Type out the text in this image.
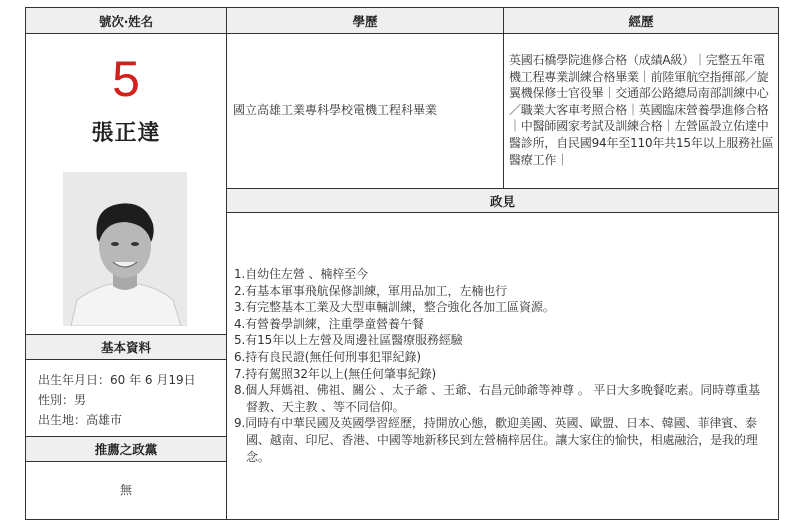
號次‧姓名
5
張正達
基本資料
出生年月日：60 年 6 月19日
性別：男
出生地：高雄市
推薦之政黨
無
學歷
國立高雄工業專科學校電機工程科畢業
經歷
英國石橋學院進修合格（成績A級）｜完整五年電機工程專業訓練合格畢業｜前陸軍航空指揮部／旋翼機保修士官役畢｜交通部公路總局南部訓練中心／職業大客車考照合格｜英國臨床營養學進修合格｜中醫師國家考試及訓練合格｜左營區設立佑達中醫診所，自民國94年至110年共15年以上服務社區醫療工作｜
政見

1.自幼住左營 、楠梓至今

2.有基本軍事飛航保修訓練，軍用品加工，左楠也行

3.有完整基本工業及大型車輛訓練，整合強化各加工區資源。

4.有營養學訓練，注重學童營養午餐

5.有15年以上左營及周邊社區醫療服務經驗

6.持有良民證(無任何刑事犯罪紀錄)

7.持有駕照32年以上(無任何肇事紀錄)

8.個人拜媽祖、佛祖、關公 、太子爺 、王爺、右昌元帥爺等神尊 。 平日大多晚餐吃素。同時尊重基督教、天主教 、等不同信仰。

9.同時有中華民國及英國學習經歷，持開放心態，歡迎美國、英國、歐盟、日本、韓國、菲律賓、泰國、越南、印尼、香港、中國等地新移民到左營楠梓居住。讓大家住的愉快，相處融洽，是我的理念。
